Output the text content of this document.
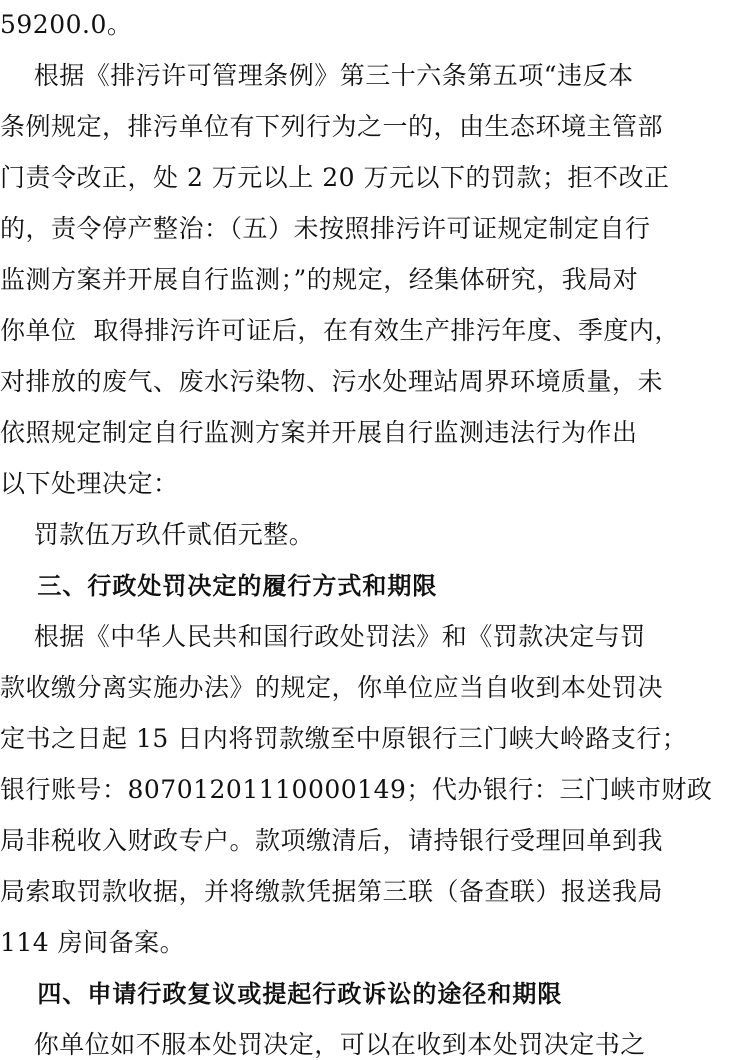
59200.0。
根据《排污许可管理条例》第三十六条第五项“违反本
条例规定，排污单位有下列行为之一的，由生态环境主管部
门责令改正，处 2 万元以上 20 万元以下的罚款；拒不改正
的，责令停产整治：（五）未按照排污许可证规定制定自行
监测方案并开展自行监测；”的规定，经集体研究，我局对
你单位  取得排污许可证后，在有效生产排污年度、季度内，
对排放的废气、废水污染物、污水处理站周界环境质量，未
依照规定制定自行监测方案并开展自行监测违法行为作出
以下处理决定：
罚款伍万玖仟贰佰元整。
三、行政处罚决定的履行方式和期限
根据《中华人民共和国行政处罚法》和《罚款决定与罚
款收缴分离实施办法》的规定，你单位应当自收到本处罚决
定书之日起 15 日内将罚款缴至中原银行三门峡大岭路支行；
银行账号：80701201110000149；代办银行：三门峡市财政
局非税收入财政专户。款项缴清后，请持银行受理回单到我
局索取罚款收据，并将缴款凭据第三联（备查联）报送我局
114 房间备案。
四、申请行政复议或提起行政诉讼的途径和期限
你单位如不服本处罚决定，可以在收到本处罚决定书之
